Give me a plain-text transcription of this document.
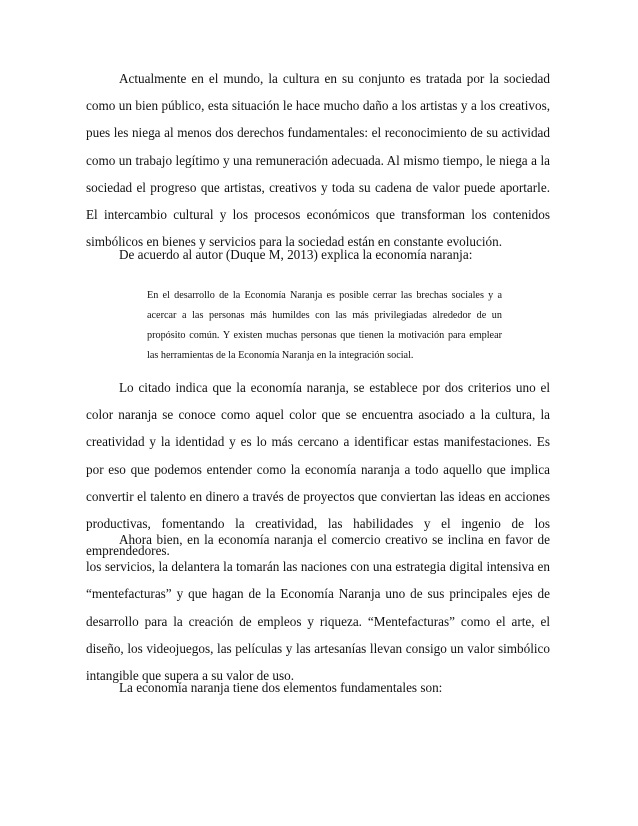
Actualmente en el mundo, la cultura en su conjunto es tratada por la sociedad como un bien público, esta situación le hace mucho daño a los artistas y a los creativos, pues les niega al menos dos derechos fundamentales: el reconocimiento de su actividad como un trabajo legítimo y una remuneración adecuada. Al mismo tiempo, le niega a la sociedad el progreso que artistas, creativos y toda su cadena de valor puede aportarle. El intercambio cultural y los procesos económicos que transforman los contenidos simbólicos en bienes y servicios para la sociedad están en constante evolución.

De acuerdo al autor (Duque M, 2013) explica la economía naranja:

En el desarrollo de la Economía Naranja es posible cerrar las brechas sociales y a acercar a las personas más humildes con las más privilegiadas alrededor de un propósito común. Y existen muchas personas que tienen la motivación para emplear las herramientas de la Economía Naranja en la integración social.

Lo citado indica que la economía naranja, se establece por dos criterios uno el color naranja se conoce como aquel color que se encuentra asociado a la cultura, la creatividad y la identidad y es lo más cercano a identificar estas manifestaciones. Es por eso que podemos entender como la economía naranja a todo aquello que implica convertir el talento en dinero a través de proyectos que conviertan las ideas en acciones productivas, fomentando la creatividad, las habilidades y el ingenio de los emprendedores.

Ahora bien, en la economía naranja el comercio creativo se inclina en favor de los servicios, la delantera la tomarán las naciones con una estrategia digital intensiva en “mentefacturas” y que hagan de la Economía Naranja uno de sus principales ejes de desarrollo para la creación de empleos y riqueza. “Mentefacturas” como el arte, el diseño, los videojuegos, las películas y las artesanías llevan consigo un valor simbólico intangible que supera a su valor de uso.

La economía naranja tiene dos elementos fundamentales son:
